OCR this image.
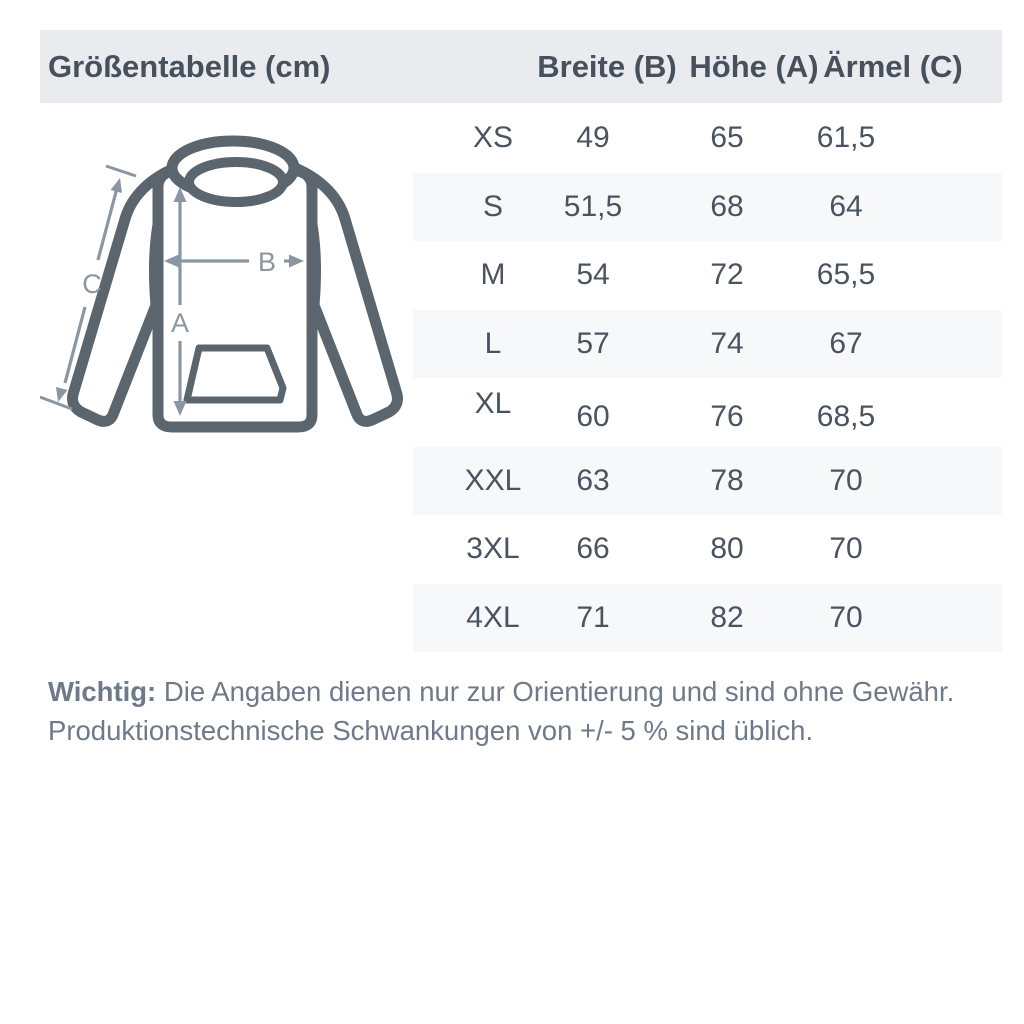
Größentabelle (cm)	Breite (B) Höhe (A) Ärmel (C)
A
B
C
XS 49	65 61,5
S 51,5	68	64
M 54	72 65,5
L 57	74	67
XL 60	76 68,5
XXL 63	78	70
3XL 66	80	70
4XL 71	82	70

Wichtig: Die Angaben dienen nur zur Orientierung und sind ohne Gewähr.
Produktionstechnische Schwankungen von +/- 5 % sind üblich.
